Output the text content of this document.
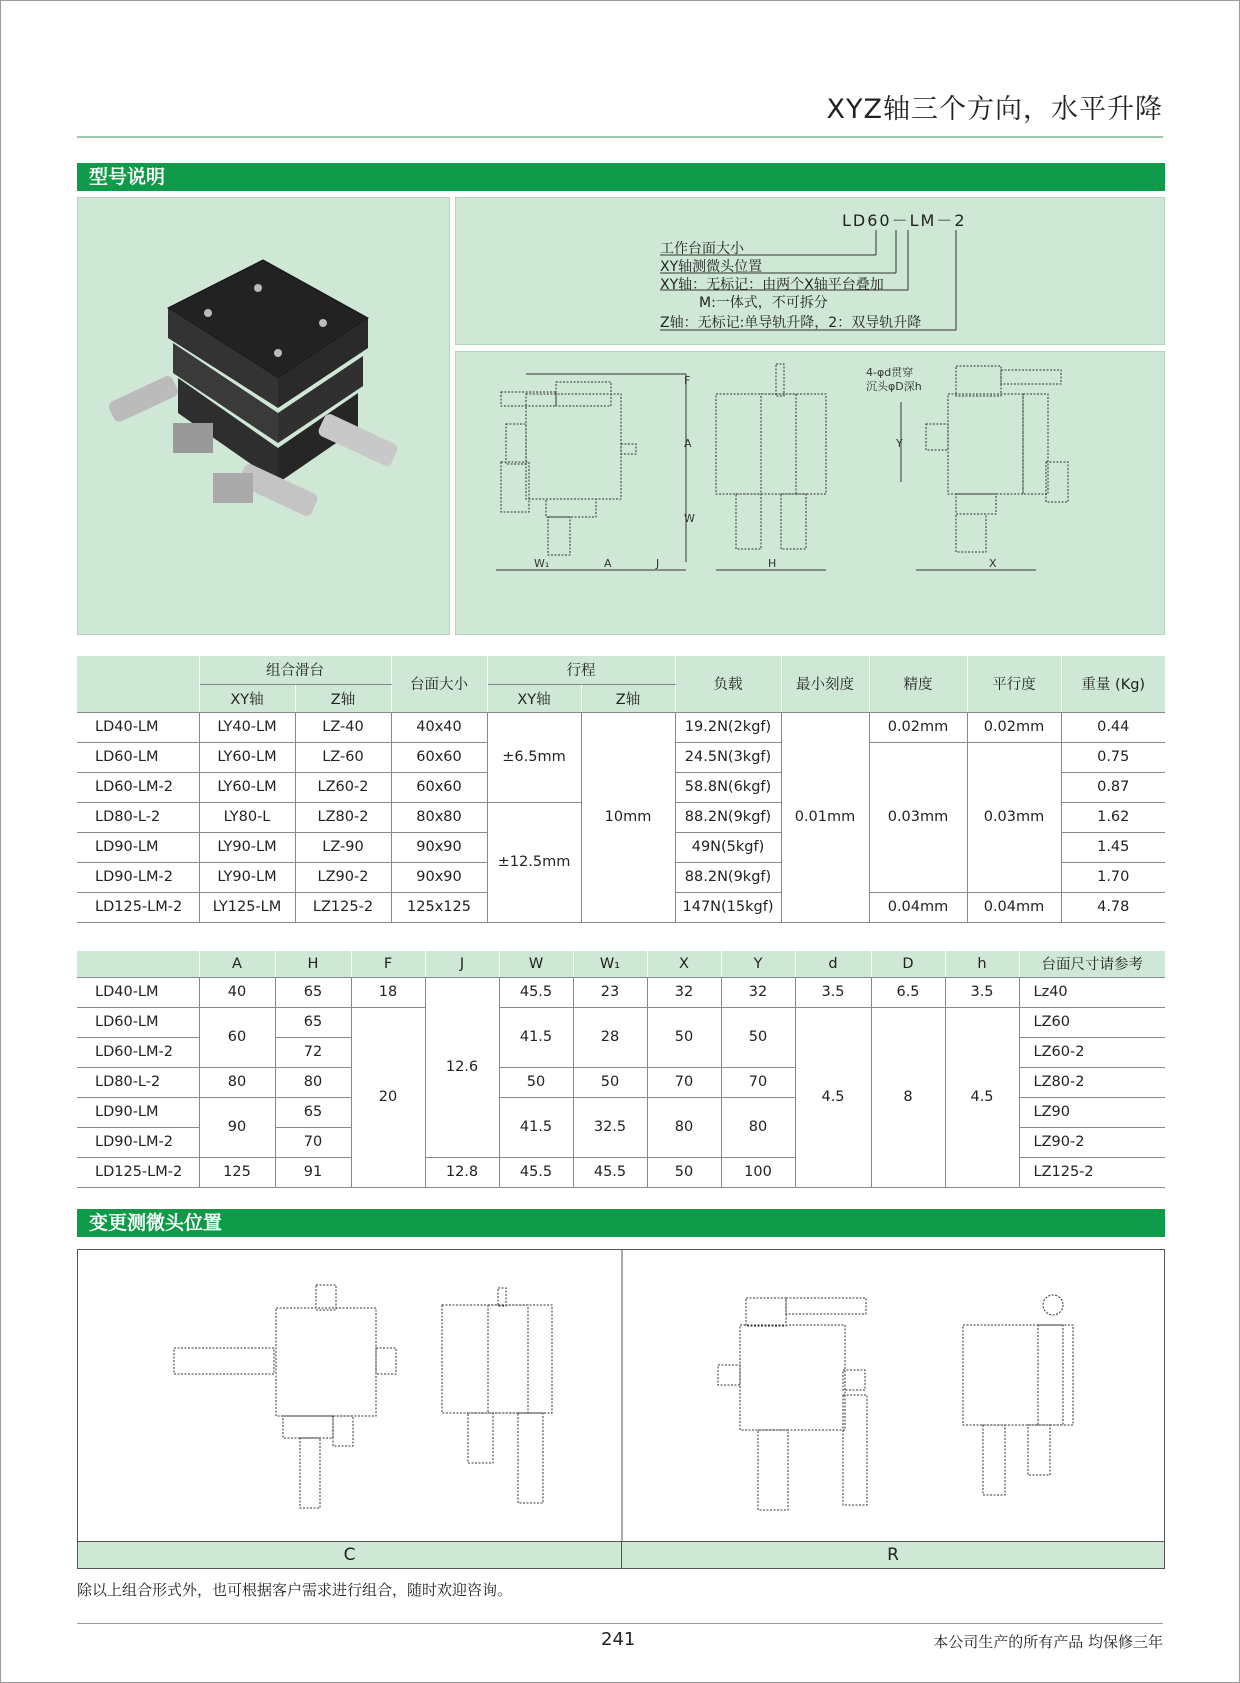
XYZ轴三个方向，水平升降
型号说明
LD60－LM－2
工作台面大小
XY轴测微头位置
XY轴：无标记：由两个X轴平台叠加
M:一体式，不可拆分
Z轴：无标记:单导轨升降，2：双导轨升降
F
A
W
W₁	A	J	H
Y
X
4-φd贯穿
沉头φD深h
	组合滑台		台面大小	行程		负载	最小刻度	精度	平行度	重量 (Kg)
	XY轴	Z轴		XY轴	Z轴					
LD40-LM	LY40-LM	LZ-40	40x40	±6.5mm	10mm	19.2N(2kgf)	0.01mm	0.02mm	0.02mm	0.44
LD60-LM	LY60-LM	LZ-60	60x60			24.5N(3kgf)		0.03mm	0.03mm	0.75
LD60-LM-2	LY60-LM	LZ60-2	60x60			58.8N(6kgf)				0.87
LD80-L-2	LY80-L	LZ80-2	80x80	±12.5mm		88.2N(9kgf)				1.62
LD90-LM	LY90-LM	LZ-90	90x90			49N(5kgf)				1.45
LD90-LM-2	LY90-LM	LZ90-2	90x90			88.2N(9kgf)				1.70
LD125-LM-2	LY125-LM	LZ125-2	125x125			147N(15kgf)		0.04mm	0.04mm	4.78
	A	H	F	J	W	W₁	X	Y	d	D	h	台面尺寸请参考
LD40-LM	40	65	18	12.6	45.5	23	32	32	3.5	6.5	3.5	Lz40
LD60-LM	60	65	20		41.5	28	50	50	4.5	8	4.5	LZ60
LD60-LM-2		72										LZ60-2
LD80-L-2	80	80			50	50	70	70				LZ80-2
LD90-LM	90	65			41.5	32.5	80	80				LZ90
LD90-LM-2		70										LZ90-2
LD125-LM-2	125	91		12.8	45.5	45.5	50	100				LZ125-2
变更测微头位置
C	R
除以上组合形式外，也可根据客户需求进行组合，随时欢迎咨询。
241	本公司生产的所有产品 均保修三年
